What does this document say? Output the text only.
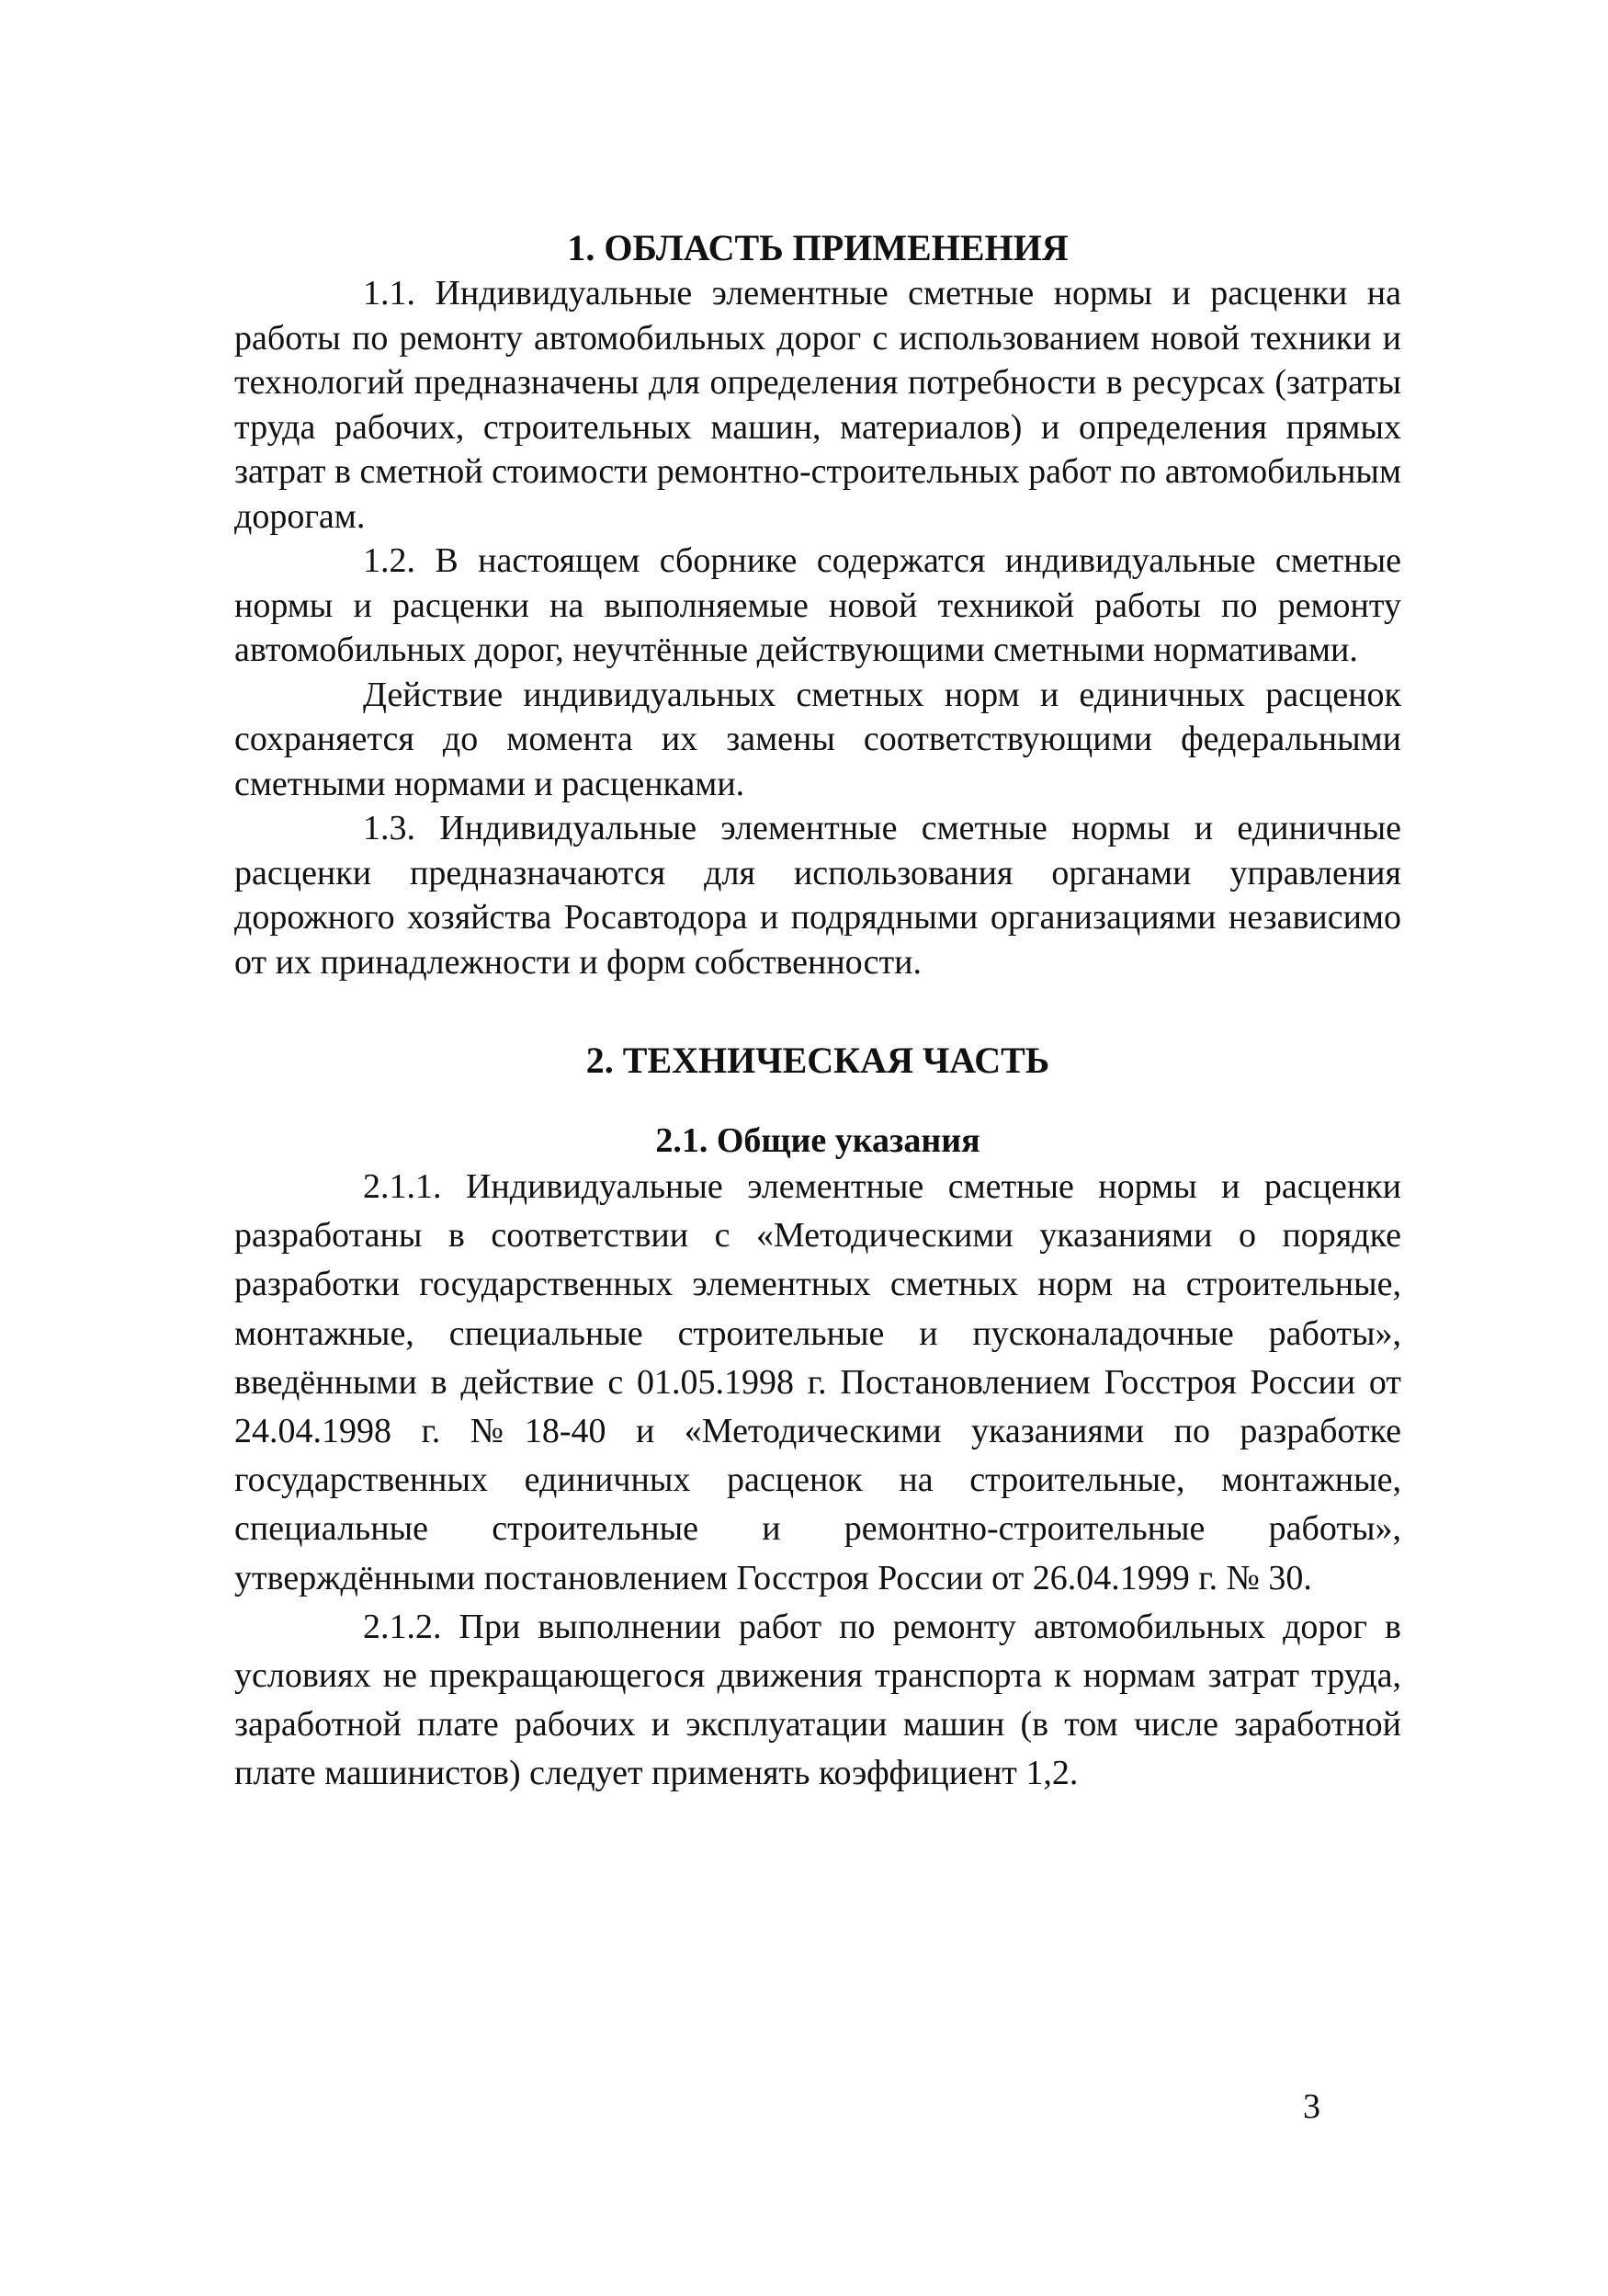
1. ОБЛАСТЬ ПРИМЕНЕНИЯ

1.1. Индивидуальные элементные сметные нормы и расценки на работы по ремонту автомобильных дорог с использованием новой техники и технологий предназначены для определения потребности в ресурсах (затраты труда рабочих, строительных машин, материалов) и определения прямых затрат в сметной стоимости ремонтно-строительных работ по автомобильным дорогам.

1.2. В настоящем сборнике содержатся индивидуальные сметные нормы и расценки на выполняемые новой техникой работы по ремонту автомобильных дорог, неучтённые действующими сметными нормативами.

Действие индивидуальных сметных норм и единичных расценок сохраняется до момента их замены соответствующими федеральными сметными нормами и расценками.

1.3. Индивидуальные элементные сметные нормы и единичные расценки предназначаются для использования органами управления дорожного хозяйства Росавтодора и подрядными организациями независимо от их принадлежности и форм собственности.

2. ТЕХНИЧЕСКАЯ ЧАСТЬ
2.1. Общие указания

2.1.1. Индивидуальные элементные сметные нормы и расценки разработаны в соответствии с «Методическими указаниями о порядке разработки государственных элементных сметных норм на строительные, монтажные, специальные строительные и пусконаладочные работы», введёнными в действие с 01.05.1998 г. Постановлением Госстроя России от 24.04.1998 г. №18-40 и «Методическими указаниями по разработке государственных единичных расценок на строительные, монтажные, специальные строительные и ремонтно-строительные работы», утверждёнными постановлением Госстроя России от 26.04.1999 г. № 30.

2.1.2. При выполнении работ по ремонту автомобильных дорог в условиях не прекращающегося движения транспорта к нормам затрат труда, заработной плате рабочих и эксплуатации машин (в том числе заработной плате машинистов) следует применять коэффициент 1,2.

3
